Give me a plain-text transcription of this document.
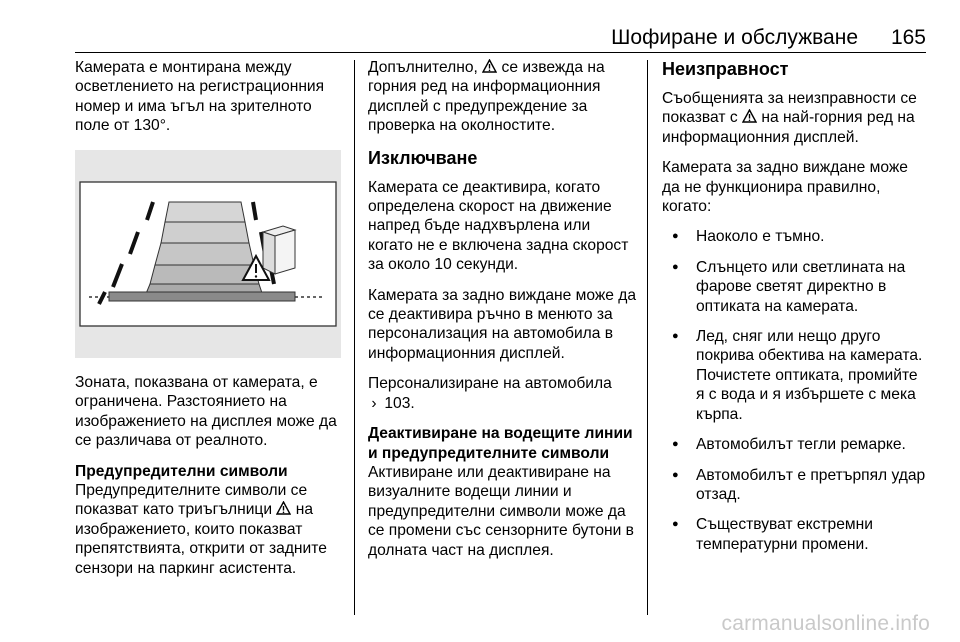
Шофиране и обслужване 165

Камерата е монтирана между осветлението на регистрационния номер и има ъгъл на зрителното поле от 130°.

Зоната, показвана от камерата, е ограничена. Разстоянието на изображението на дисплея може да се различава от реалното.

Предупредителни символи

Предупредителните символи се показват като триъгълници на изображението, които показват препятствията, открити от задните сензори на паркинг асистента.

Допълнително, се извежда на горния ред на информационния дисплей с предупреждение за проверка на околностите.

Изключване

Камерата се деактивира, когато определена скорост на движение напред бъде надхвърлена или когато не е включена задна скорост за около 10 секунди.

Камерата за задно виждане може да се деактивира ръчно в менюто за персонализация на автомобила в информационния дисплей.

Персонализиране на автомобила
› 103.

Деактивиране на водещите линии и предупредителните символи

Активиране или деактивиране на визуалните водещи линии и предупредителни символи може да се промени със сензорните бутони в долната част на дисплея.

Неизправност

Съобщенията за неизправности се показват с на най-горния ред на информационния дисплей.

Камерата за задно виждане може да не функционира правилно, когато:

● Наоколо е тъмно.
● Слънцето или светлината на фарове светят директно в оптиката на камерата.
● Лед, сняг или нещо друго покрива обектива на камерата. Почистете оптиката, промийте я с вода и я избършете с мека кърпа.
● Автомобилът тегли ремарке.
● Автомобилът е претърпял удар отзад.
● Съществуват екстремни температурни промени.
carmanualsonline.info
